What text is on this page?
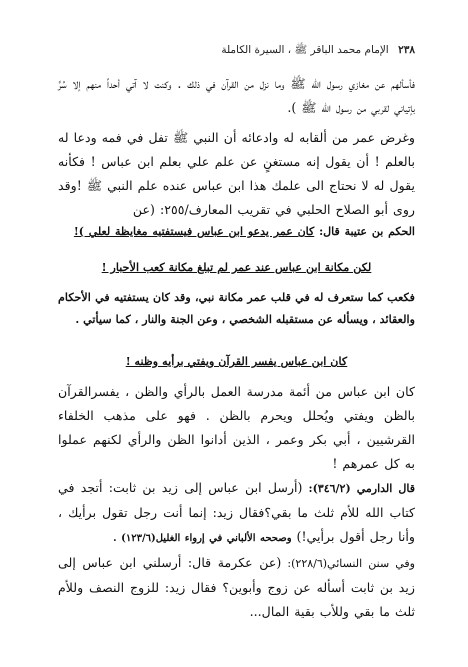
٢٣٨ الإمام محمد الباقر ﷺ ، السيرة الكاملة

فأسألهم عن مغازي رسول الله ﷺ وما نزل من القرآن في ذلك . وكنت لا آتي أحداً منهم إلا سُرَّ بإتياني لقربي من رسول الله ﷺ ).

وغرض عمر من ألقابه له وادعائه أن النبي ﷺ تفل في فمه ودعا له بالعلم ! أن يقول إنه مستغنٍ عن علم علي بعلم ابن عباس ! فكأنه يقول له لا نحتاج الى علمك هذا ابن عباس عنده علم النبي ﷺ !وقد روى أبو الصلاح الحلبي في تقريب المعارف/٢٥٥: (عن

الحكم بن عتيبة قال: كان عمر يدعو ابن عباس فيستفتيه مغايظة لعلي )!

لكن مكانة ابن عباس عند عمر لم تبلغ مكانة كعب الأحبار !

فكعب كما ستعرف له في قلب عمر مكانة نبي، وقد كان يستفتيه في الأحكام والعقائد ، ويسأله عن مستقبله الشخصي ، وعن الجنة والنار ، كما سيأتي .

كان ابن عباس يفسر القرآن ويفتي برأيه وظنه !

كان ابن عباس من أئمة مدرسة العمل بالرأي والظن ، يفسرالقرآن بالظن ويفتي ويُحلل ويحرم بالظن . فهو على مذهب الخلفاء القرشيين ، أبي بكر وعمر ، الذين أدانوا الظن والرأي لكنهم عملوا به كل عمرهم !

قال الدارمي (٣٤٦/٢): (أرسل ابن عباس إلى زيد بن ثابت: أتجد في كتاب الله للأم ثلث ما بقي؟فقال زيد: إنما أنت رجل تقول برأيك ، وأنا رجل أقول برأيي!) وصححه الألباني في إرواء الغليل(١٢٣/٦) .

وفي سنن النسائي(٢٢٨/٦): (عن عكرمة قال: أرسلني ابن عباس إلى زيد بن ثابت أسأله عن زوج وأبوين؟ فقال زيد: للزوج النصف وللأم ثلث ما بقي وللأب بقية المال...
